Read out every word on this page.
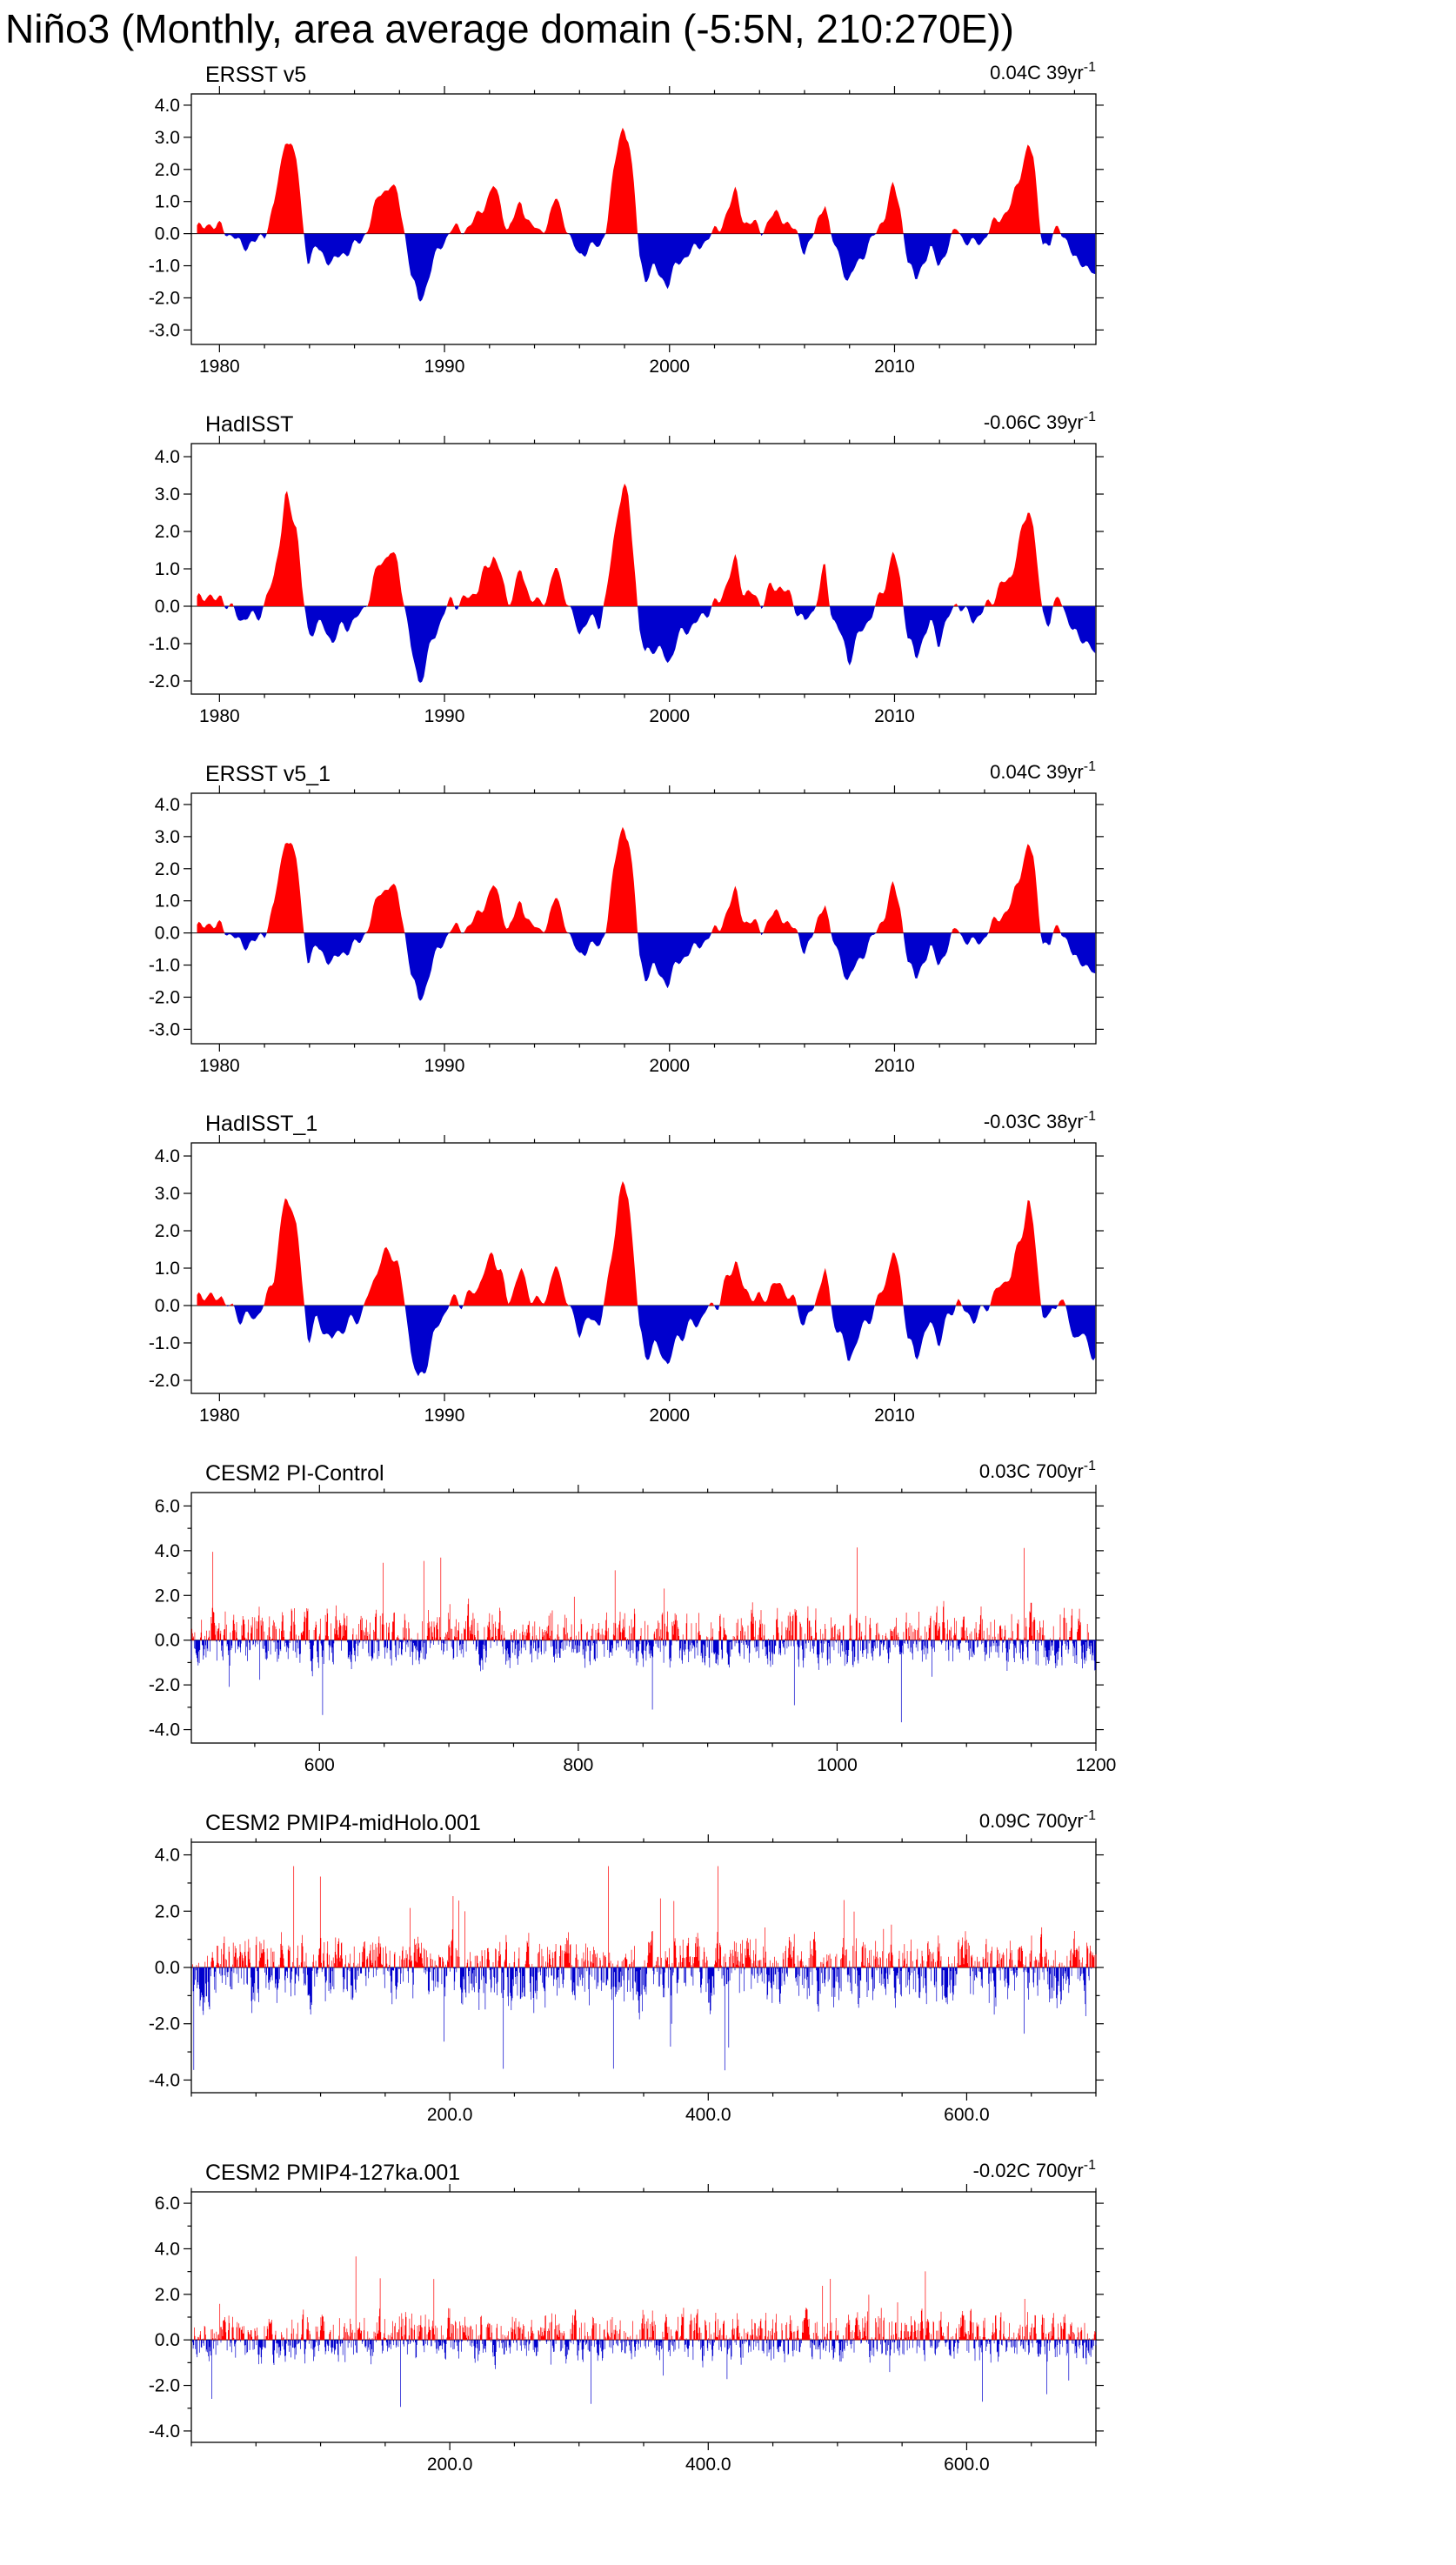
Niño3 (Monthly, area average domain (-5:5N, 210:270E))
ERSST v5	0.04C $39yr^{-1}$
4.0
3.0
2.0
1.0
0.0
-1.0
-2.0
-3.0
1980	1990	2000	2010
HadISST	-0.06C $39yr^{-1}$
4.0
3.0
2.0
1.0
0.0
-1.0
-2.0
1980	1990	2000	2010
ERSST v5_1	0.04C $39yr^{-1}$
4.0
3.0
2.0
1.0
0.0
-1.0
-2.0
-3.0
1980	1990	2000	2010
HadISST_1	-0.03C $38yr^{-1}$
4.0
3.0
2.0
1.0
0.0
-1.0
-2.0
1980	1990	2000	2010
CESM2 PI-Control	0.03C $700yr^{-1}$
6.0
4.0
2.0
0.0
-2.0
-4.0
600	800	1000	1200
CESM2 PMIP4-midHolo.001	0.09C $700yr^{-1}$
4.0
2.0
0.0
-2.0
-4.0
200.0	400.0	600.0
CESM2 PMIP4-127ka.001	-0.02C $700yr^{-1}$
6.0
4.0
2.0
0.0
-2.0
-4.0
200.0	400.0	600.0
